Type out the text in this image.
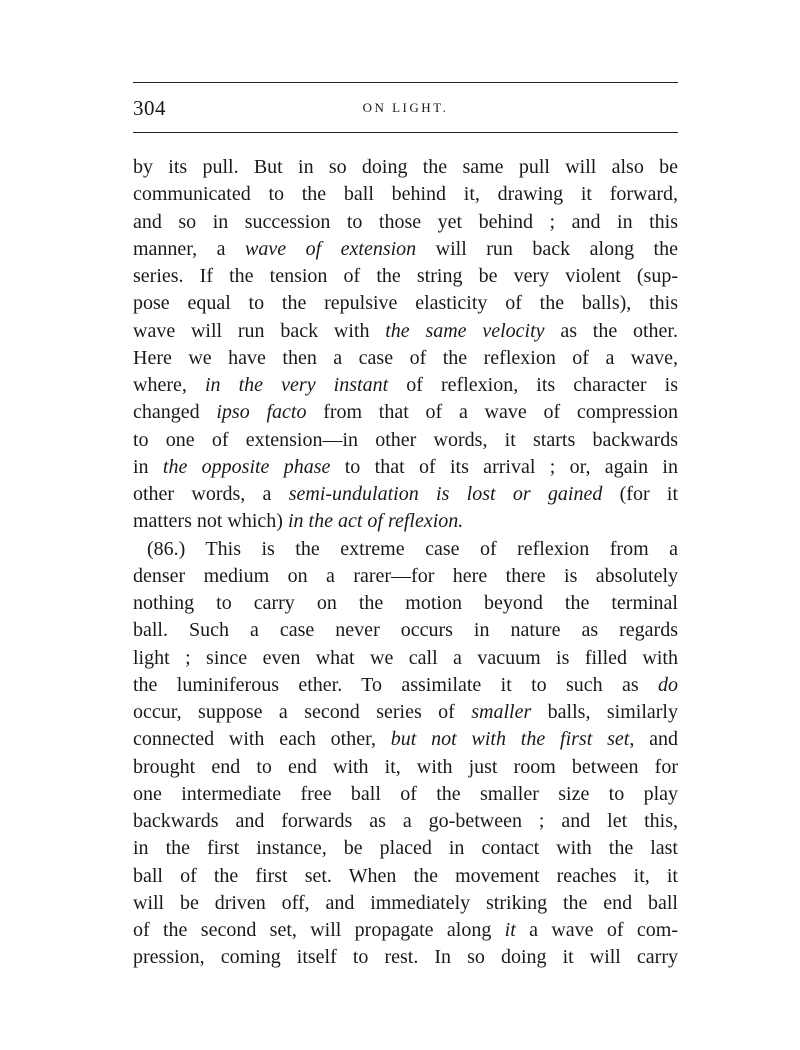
304	ON LIGHT.
by its pull. But in so doing the same pull will also be
communicated to the ball behind it, drawing it forward,
and so in succession to those yet behind ; and in this
manner, a wave of extension will run back along the
series. If the tension of the string be very violent (sup-
pose equal to the repulsive elasticity of the balls), this
wave will run back with the same velocity as the other.
Here we have then a case of the reflexion of a wave,
where, in the very instant of reflexion, its character is
changed ipso facto from that of a wave of compression
to one of extension—in other words, it starts backwards
in the opposite phase to that of its arrival ; or, again in
other words, a semi-undulation is lost or gained (for it
matters not which) in the act of reflexion.
(86.) This is the extreme case of reflexion from a
denser medium on a rarer—for here there is absolutely
nothing to carry on the motion beyond the terminal
ball. Such a case never occurs in nature as regards
light ; since even what we call a vacuum is filled with
the luminiferous ether. To assimilate it to such as do
occur, suppose a second series of smaller balls, similarly
connected with each other, but not with the first set, and
brought end to end with it, with just room between for
one intermediate free ball of the smaller size to play
backwards and forwards as a go-between ; and let this,
in the first instance, be placed in contact with the last
ball of the first set. When the movement reaches it, it
will be driven off, and immediately striking the end ball
of the second set, will propagate along it a wave of com-
pression, coming itself to rest. In so doing it will carry
